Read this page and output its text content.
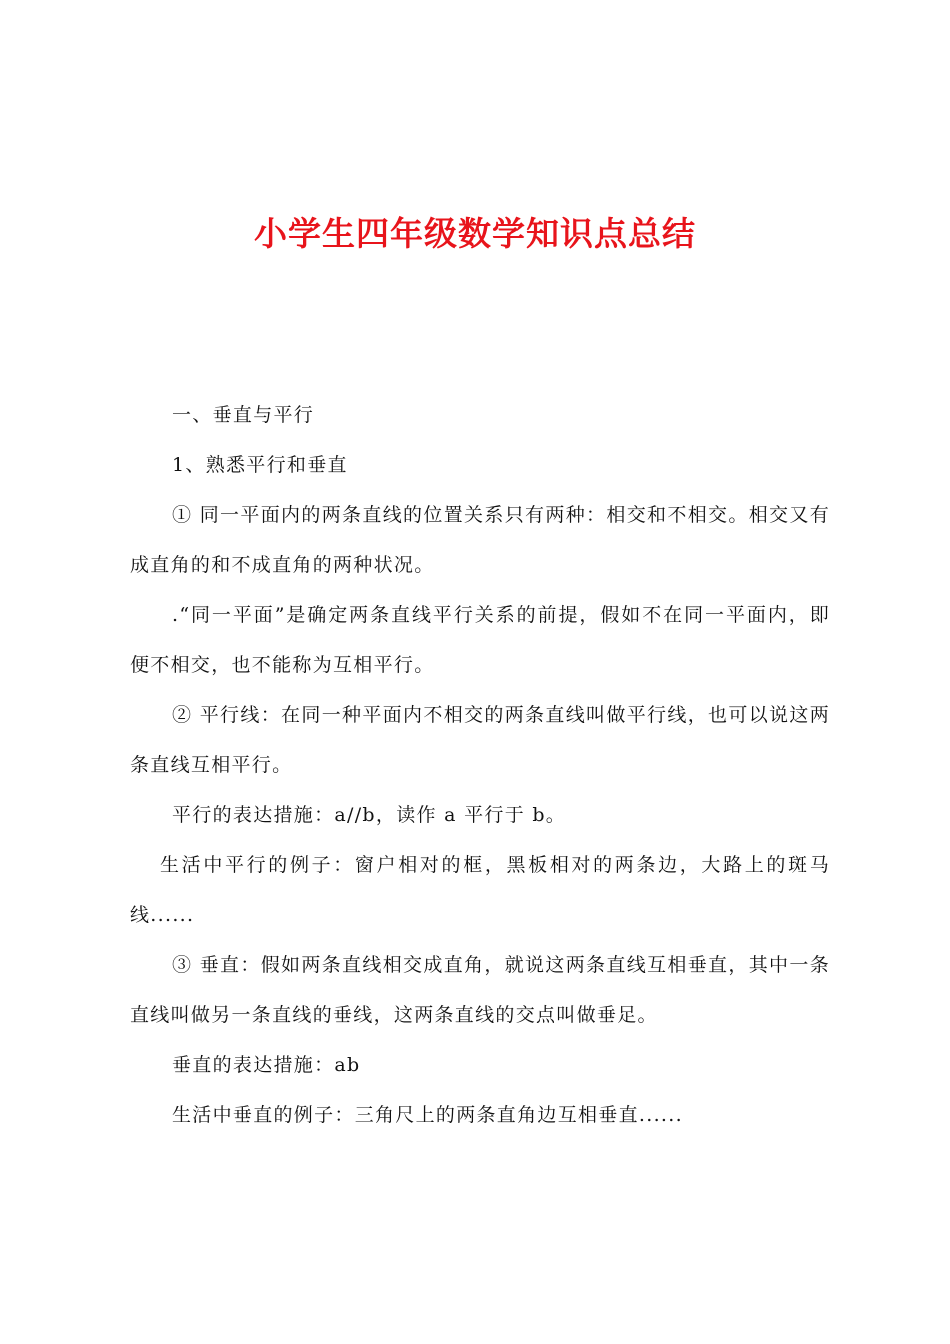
小学生四年级数学知识点总结

一、垂直与平行

1、熟悉平行和垂直

① 同一平面内的两条直线的位置关系只有两种：相交和不相交。相交又有成直角的和不成直角的两种状况。

.“同一平面”是确定两条直线平行关系的前提，假如不在同一平面内，即便不相交，也不能称为互相平行。

② 平行线：在同一种平面内不相交的两条直线叫做平行线，也可以说这两条直线互相平行。

平行的表达措施：a//b，读作 a 平行于 b。

生活中平行的例子：窗户相对的框，黑板相对的两条边，大路上的斑马线......

③ 垂直：假如两条直线相交成直角，就说这两条直线互相垂直，其中一条直线叫做另一条直线的垂线，这两条直线的交点叫做垂足。

垂直的表达措施：ab

生活中垂直的例子：三角尺上的两条直角边互相垂直......
